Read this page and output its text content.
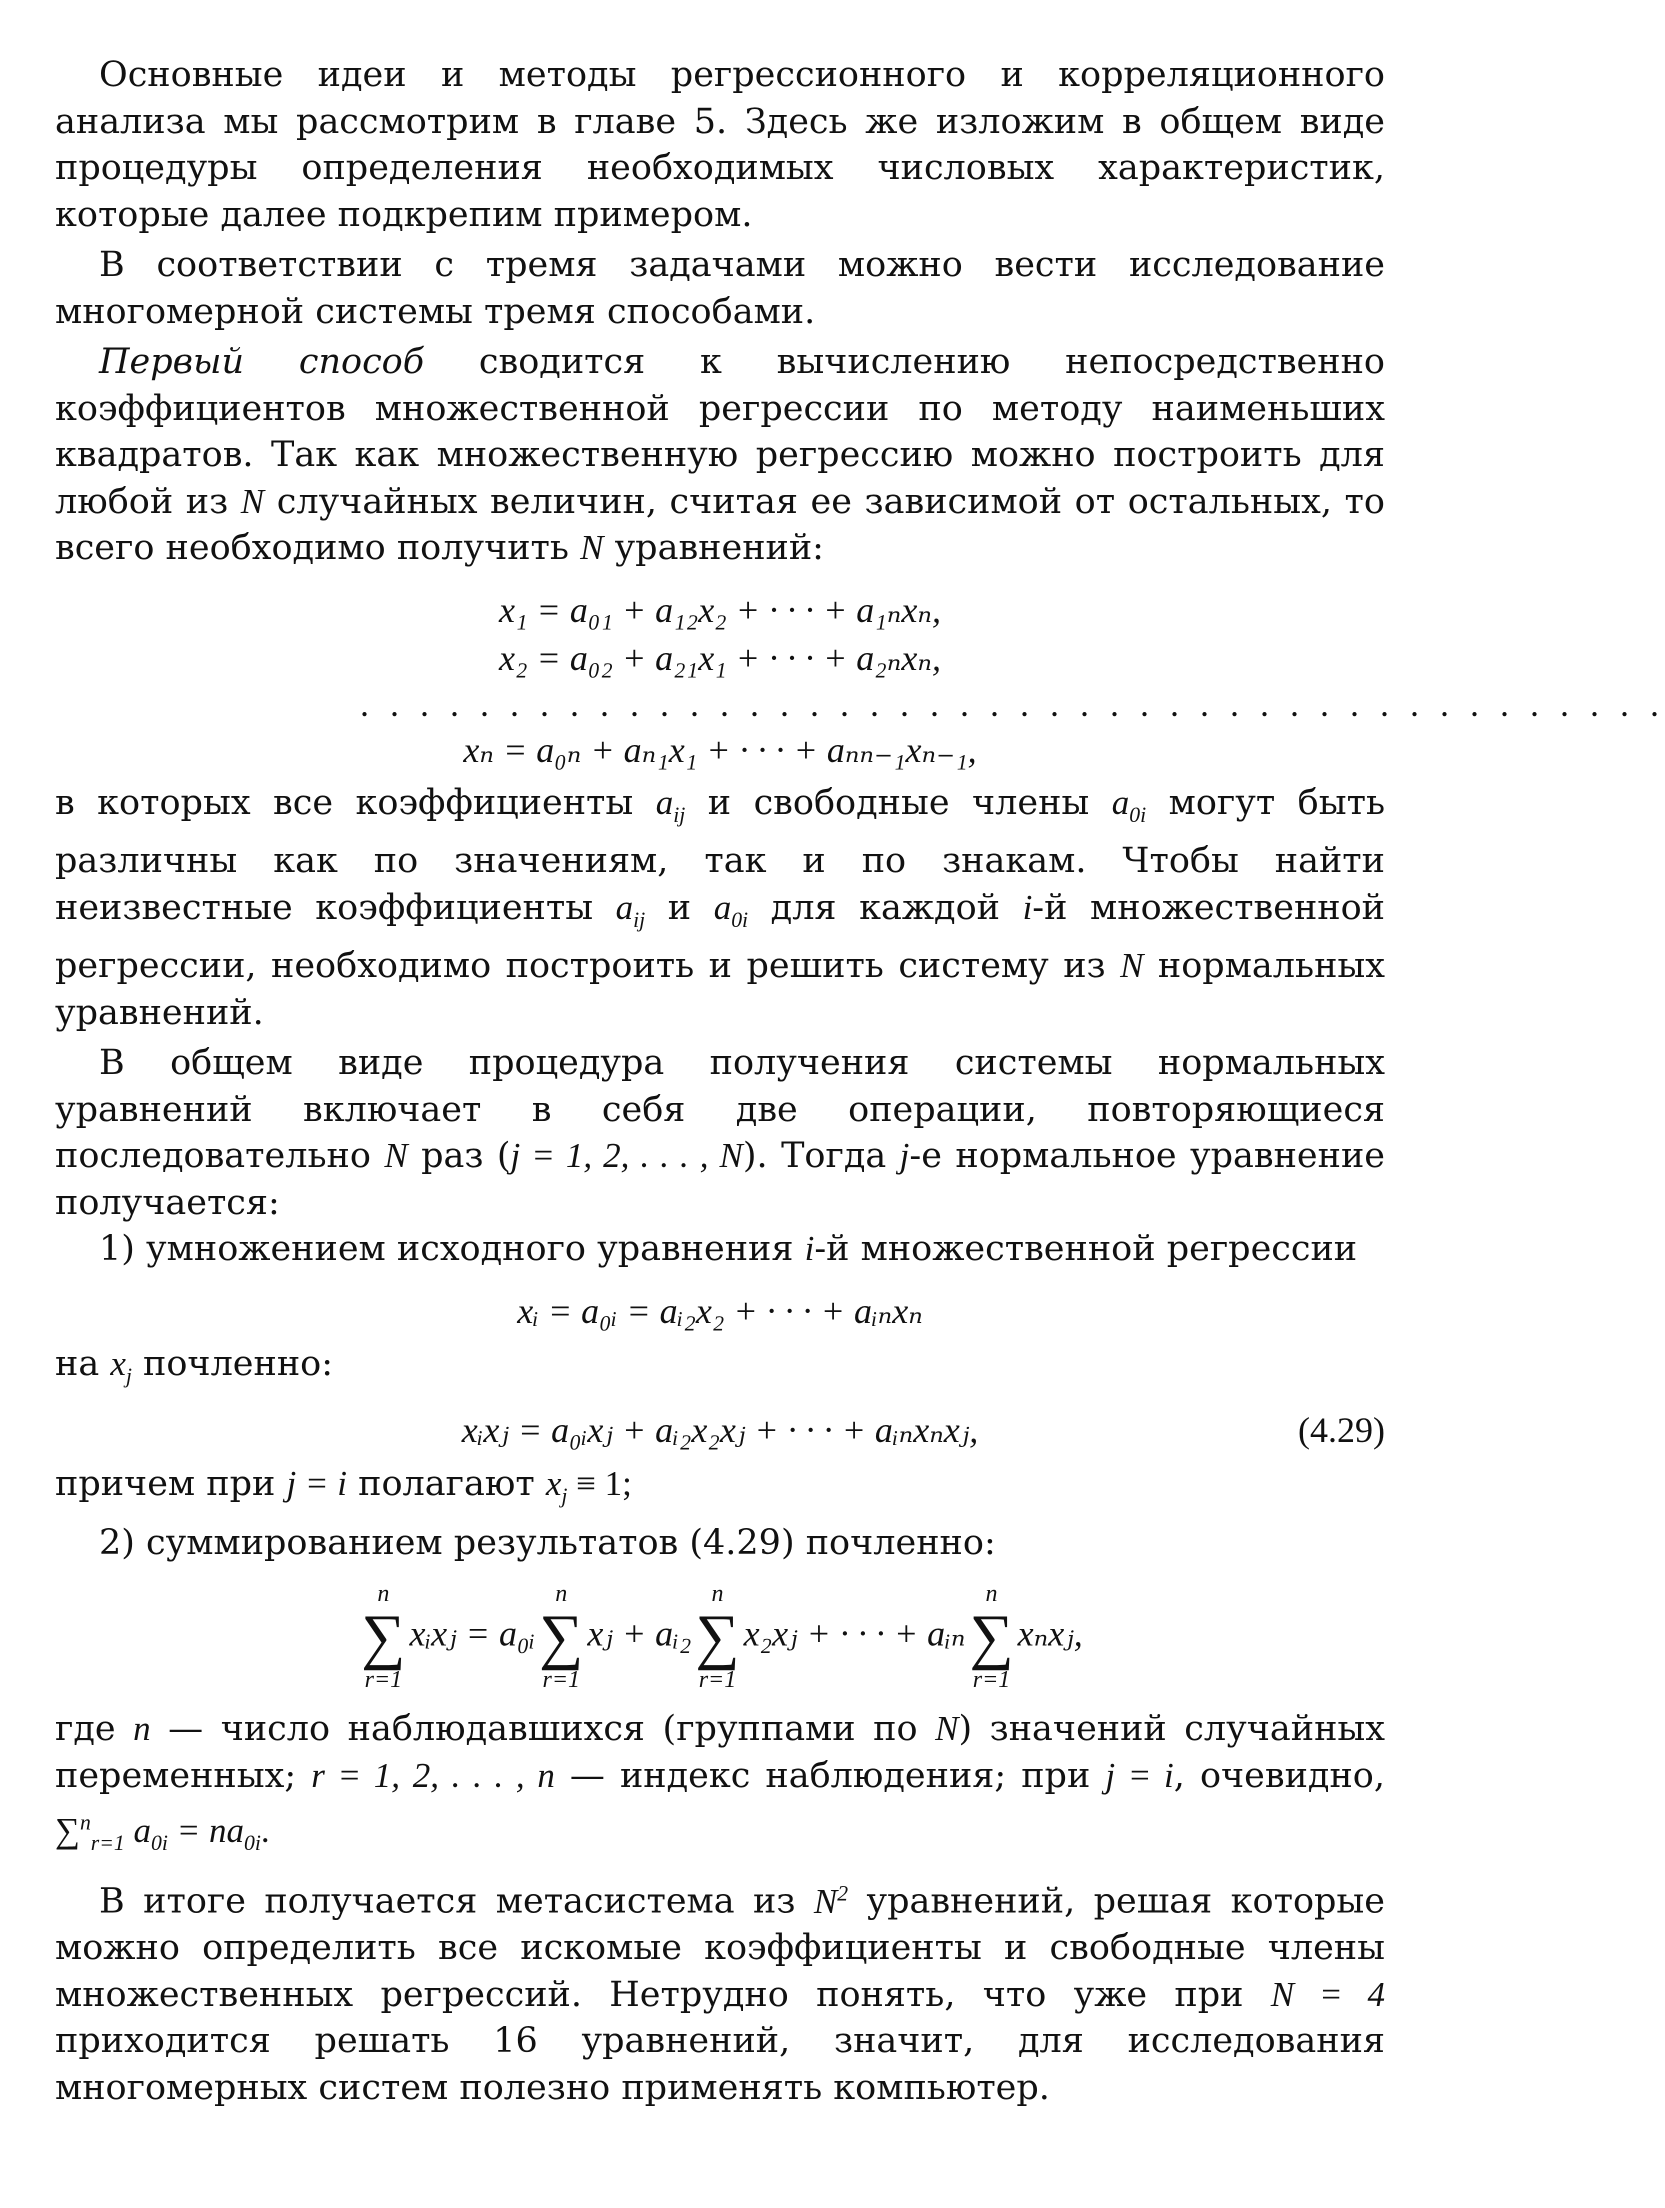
Основные идеи и методы регрессионного и корреляционного анализа мы рассмотрим в главе 5. Здесь же изложим в общем виде процедуры определения необходимых числовых характеристик, которые далее подкрепим примером.

В соответствии с тремя задачами можно вести исследование многомерной системы тремя способами.

Первый способ сводится к вычислению непосредственно коэффициентов множественной регрессии по методу наименьших квадратов. Так как множественную регрессию можно построить для любой из N случайных величин, считая ее зависимой от остальных, то всего необходимо получить N уравнений:

x₁ = a₀₁ + a₁₂x₂ + · · · + a₁ₙxₙ,
x₂ = a₀₂ + a₂₁x₁ + · · · + a₂ₙxₙ,
. . . . . . . . . . . . . . . . . . . . . . . . . . . . . . . . . . . . . . . . . . . .
xₙ = a₀ₙ + aₙ₁x₁ + · · · + aₙₙ₋₁xₙ₋₁,

в которых все коэффициенты $a_{ij}$ и свободные члены $a_{0i}$ могут быть различны как по значениям, так и по знакам. Чтобы найти неизвестные коэффициенты $a_{ij}$ и $a_{0i}$ для каждой i-й множественной регрессии, необходимо построить и решить систему из N нормальных уравнений.

В общем виде процедура получения системы нормальных уравнений включает в себя две операции, повторяющиеся последовательно N раз (j = 1, 2, . . . , N). Тогда j-е нормальное уравнение получается:

1) умножением исходного уравнения i-й множественной регрессии

xᵢ = a₀ᵢ = aᵢ₂x₂ + · · · + aᵢₙxₙ

на $x_j$ почленно:

xᵢxⱼ = a₀ᵢxⱼ + aᵢ₂x₂xⱼ + · · · + aᵢₙxₙxⱼ,	(4.29)

причем при j = i полагают $x_j \equiv 1$;

2) суммированием результатов (4.29) почленно:

n
∑
r=1
xᵢxⱼ = a₀ᵢ
n
∑
r=1
xⱼ + aᵢ₂
n
∑
r=1
x₂xⱼ + · · · + aᵢₙ
n
∑
r=1
xₙxⱼ,

где n — число наблюдавшихся (группами по N) значений случайных переменных; r = 1, 2, . . . , n — индекс наблюдения; при j = i, очевидно, ∑$^n_{r=1}$ $a_{0i} = na_{0i}$.

В итоге получается метасистема из $N^2$ уравнений, решая которые можно определить все искомые коэффициенты и свободные члены множественных регрессий. Нетрудно понять, что уже при N = 4 приходится решать 16 уравнений, значит, для исследования многомерных систем полезно применять компьютер.
